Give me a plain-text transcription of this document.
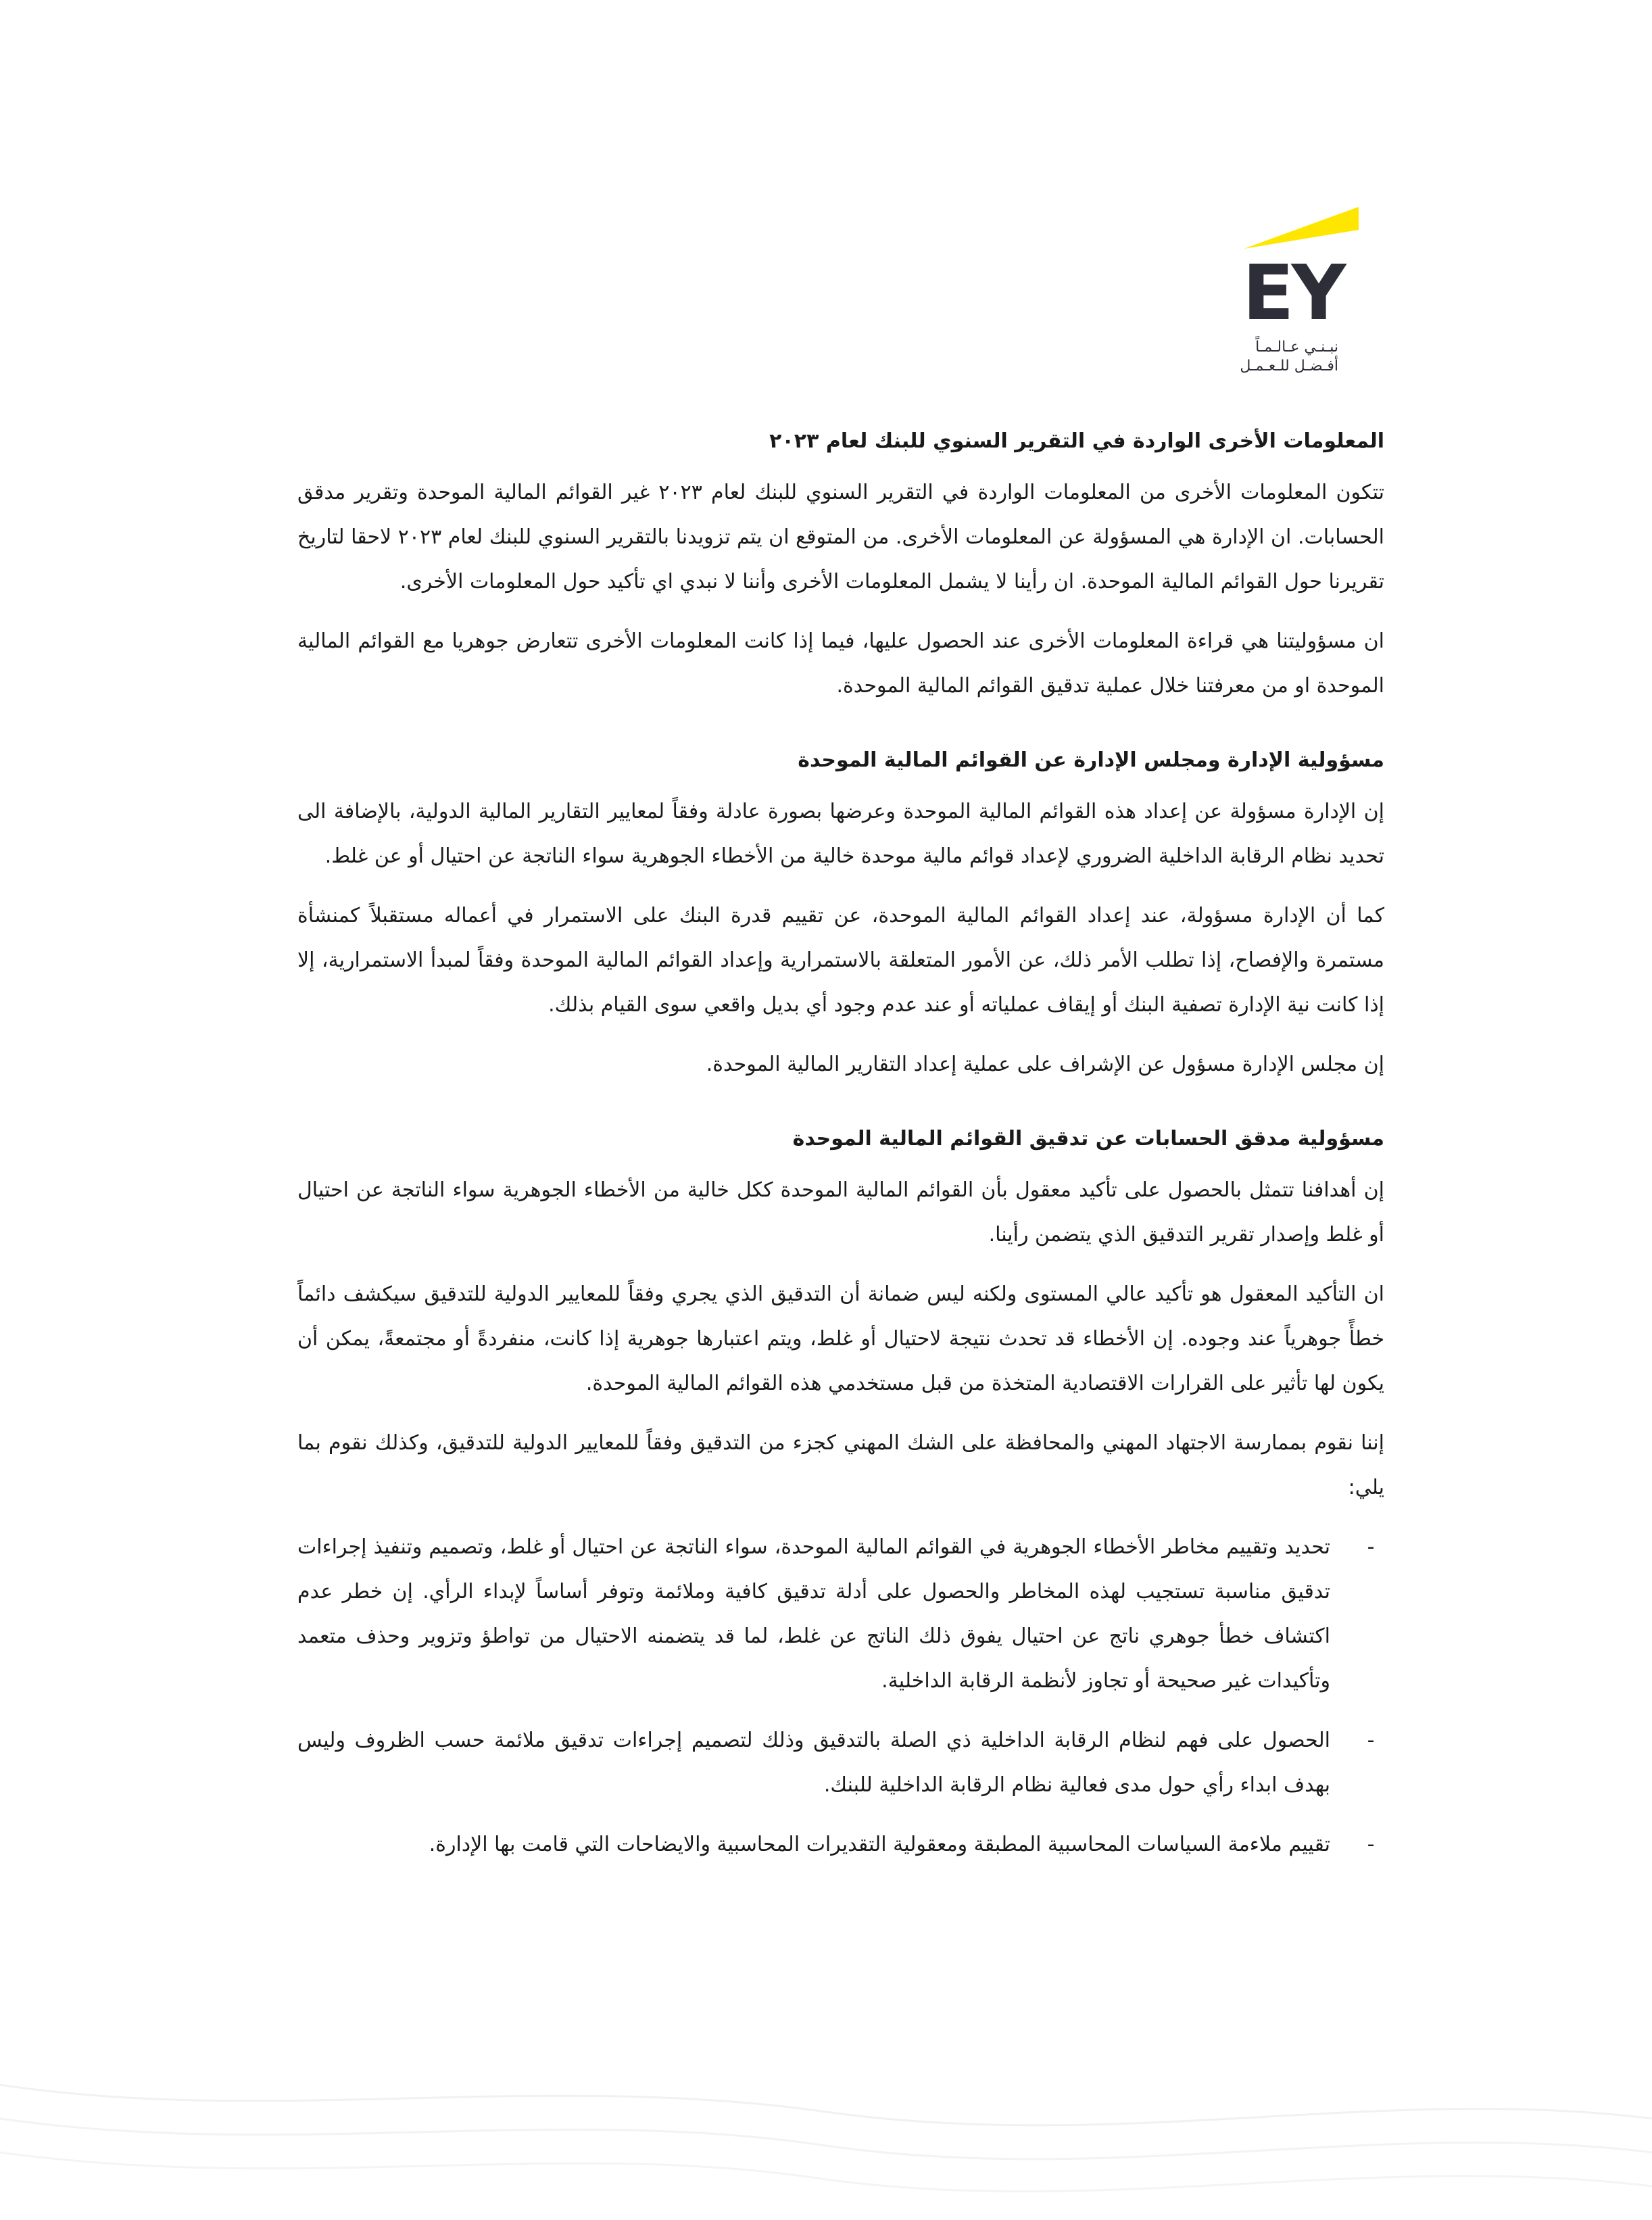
EY
نبـنـي عـالـمـاً
أفـضـل للـعـمـل
المعلومات الأخرى الواردة في التقرير السنوي للبنك لعام ٢٠٢٣

تتكون المعلومات الأخرى من المعلومات الواردة في التقرير السنوي للبنك لعام ٢٠٢٣ غير القوائم المالية الموحدة وتقرير مدقق الحسابات. ان الإدارة هي المسؤولة عن المعلومات الأخرى. من المتوقع ان يتم تزويدنا بالتقرير السنوي للبنك لعام ٢٠٢٣ لاحقا لتاريخ تقريرنا حول القوائم المالية الموحدة. ان رأينا لا يشمل المعلومات الأخرى وأننا لا نبدي اي تأكيد حول المعلومات الأخرى.

ان مسؤوليتنا هي قراءة المعلومات الأخرى عند الحصول عليها، فيما إذا كانت المعلومات الأخرى تتعارض جوهريا مع القوائم المالية الموحدة او من معرفتنا خلال عملية تدقيق القوائم المالية الموحدة.

مسؤولية الإدارة ومجلس الإدارة عن القوائم المالية الموحدة

إن الإدارة مسؤولة عن إعداد هذه القوائم المالية الموحدة وعرضها بصورة عادلة وفقاً لمعايير التقارير المالية الدولية، بالإضافة الى تحديد نظام الرقابة الداخلية الضروري لإعداد قوائم مالية موحدة خالية من الأخطاء الجوهرية سواء الناتجة عن احتيال أو عن غلط.

كما أن الإدارة مسؤولة، عند إعداد القوائم المالية الموحدة، عن تقييم قدرة البنك على الاستمرار في أعماله مستقبلاً كمنشأة مستمرة والإفصاح، إذا تطلب الأمر ذلك، عن الأمور المتعلقة بالاستمرارية وإعداد القوائم المالية الموحدة وفقاً لمبدأ الاستمرارية، إلا إذا كانت نية الإدارة تصفية البنك أو إيقاف عملياته أو عند عدم وجود أي بديل واقعي سوى القيام بذلك.

إن مجلس الإدارة مسؤول عن الإشراف على عملية إعداد التقارير المالية الموحدة.

مسؤولية مدقق الحسابات عن تدقيق القوائم المالية الموحدة

إن أهدافنا تتمثل بالحصول على تأكيد معقول بأن القوائم المالية الموحدة ككل خالية من الأخطاء الجوهرية سواء الناتجة عن احتيال أو غلط وإصدار تقرير التدقيق الذي يتضمن رأينا.

ان التأكيد المعقول هو تأكيد عالي المستوى ولكنه ليس ضمانة أن التدقيق الذي يجري وفقاً للمعايير الدولية للتدقيق سيكشف دائماً خطأً جوهرياً عند وجوده. إن الأخطاء قد تحدث نتيجة لاحتيال أو غلط، ويتم اعتبارها جوهرية إذا كانت، منفردةً أو مجتمعةً، يمكن أن يكون لها تأثير على القرارات الاقتصادية المتخذة من قبل مستخدمي هذه القوائم المالية الموحدة.

إننا نقوم بممارسة الاجتهاد المهني والمحافظة على الشك المهني كجزء من التدقيق وفقاً للمعايير الدولية للتدقيق، وكذلك نقوم بما يلي:

-
تحديد وتقييم مخاطر الأخطاء الجوهرية في القوائم المالية الموحدة، سواء الناتجة عن احتيال أو غلط، وتصميم وتنفيذ إجراءات تدقيق مناسبة تستجيب لهذه المخاطر والحصول على أدلة تدقيق كافية وملائمة وتوفر أساساً لإبداء الرأي. إن خطر عدم اكتشاف خطأ جوهري ناتج عن احتيال يفوق ذلك الناتج عن غلط، لما قد يتضمنه الاحتيال من تواطؤ وتزوير وحذف متعمد وتأكيدات غير صحيحة أو تجاوز لأنظمة الرقابة الداخلية.
-
الحصول على فهم لنظام الرقابة الداخلية ذي الصلة بالتدقيق وذلك لتصميم إجراءات تدقيق ملائمة حسب الظروف وليس بهدف ابداء رأي حول مدى فعالية نظام الرقابة الداخلية للبنك.
-
تقييم ملاءمة السياسات المحاسبية المطبقة ومعقولية التقديرات المحاسبية والايضاحات التي قامت بها الإدارة.
